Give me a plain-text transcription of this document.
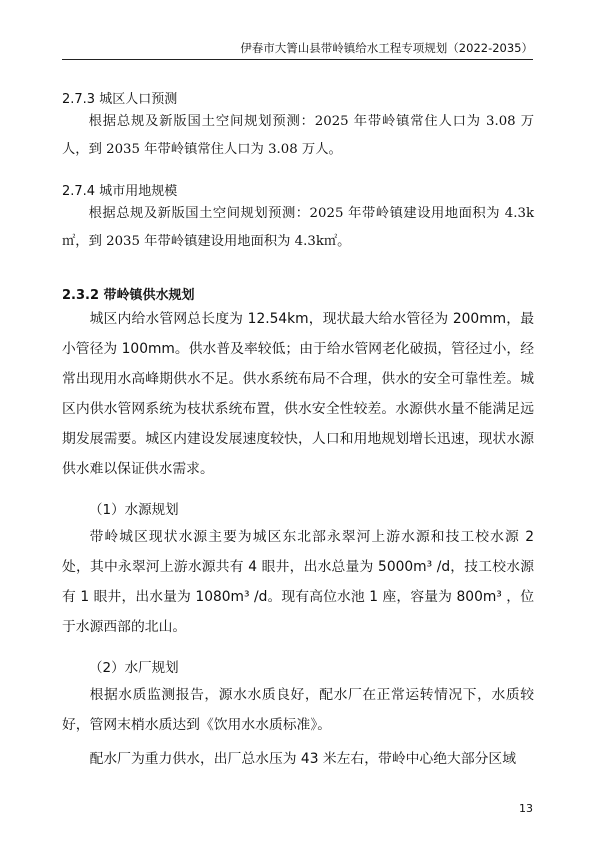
伊春市大箐山县带岭镇给水工程专项规划（2022-2035）
2.7.3 城区人口预测
根据总规及新版国土空间规划预测：2025 年带岭镇常住人口为 3.08 万人，到 2035 年带岭镇常住人口为 3.08 万人。
2.7.4 城市用地规模
根据总规及新版国土空间规划预测：2025 年带岭镇建设用地面积为 4.3k㎡，到 2035 年带岭镇建设用地面积为 4.3k㎡。
2.3.2 带岭镇供水规划
城区内给水管网总长度为 12.54km，现状最大给水管径为 200mm，最小管径为 100mm。供水普及率较低；由于给水管网老化破损，管径过小，经常出现用水高峰期供水不足。供水系统布局不合理，供水的安全可靠性差。城区内供水管网系统为枝状系统布置，供水安全性较差。水源供水量不能满足远期发展需要。城区内建设发展速度较快，人口和用地规划增长迅速，现状水源供水难以保证供水需求。
（1）水源规划
带岭城区现状水源主要为城区东北部永翠河上游水源和技工校水源 2 处，其中永翠河上游水源共有 4 眼井，出水总量为 5000m³ /d，技工校水源有 1 眼井，出水量为 1080m³ /d。现有高位水池 1 座，容量为 800m³ ，位于水源西部的北山。
（2）水厂规划
根据水质监测报告，源水水质良好，配水厂在正常运转情况下，水质较好，管网末梢水质达到《饮用水水质标准》。
配水厂为重力供水，出厂总水压为 43 米左右，带岭中心绝大部分区域
13
